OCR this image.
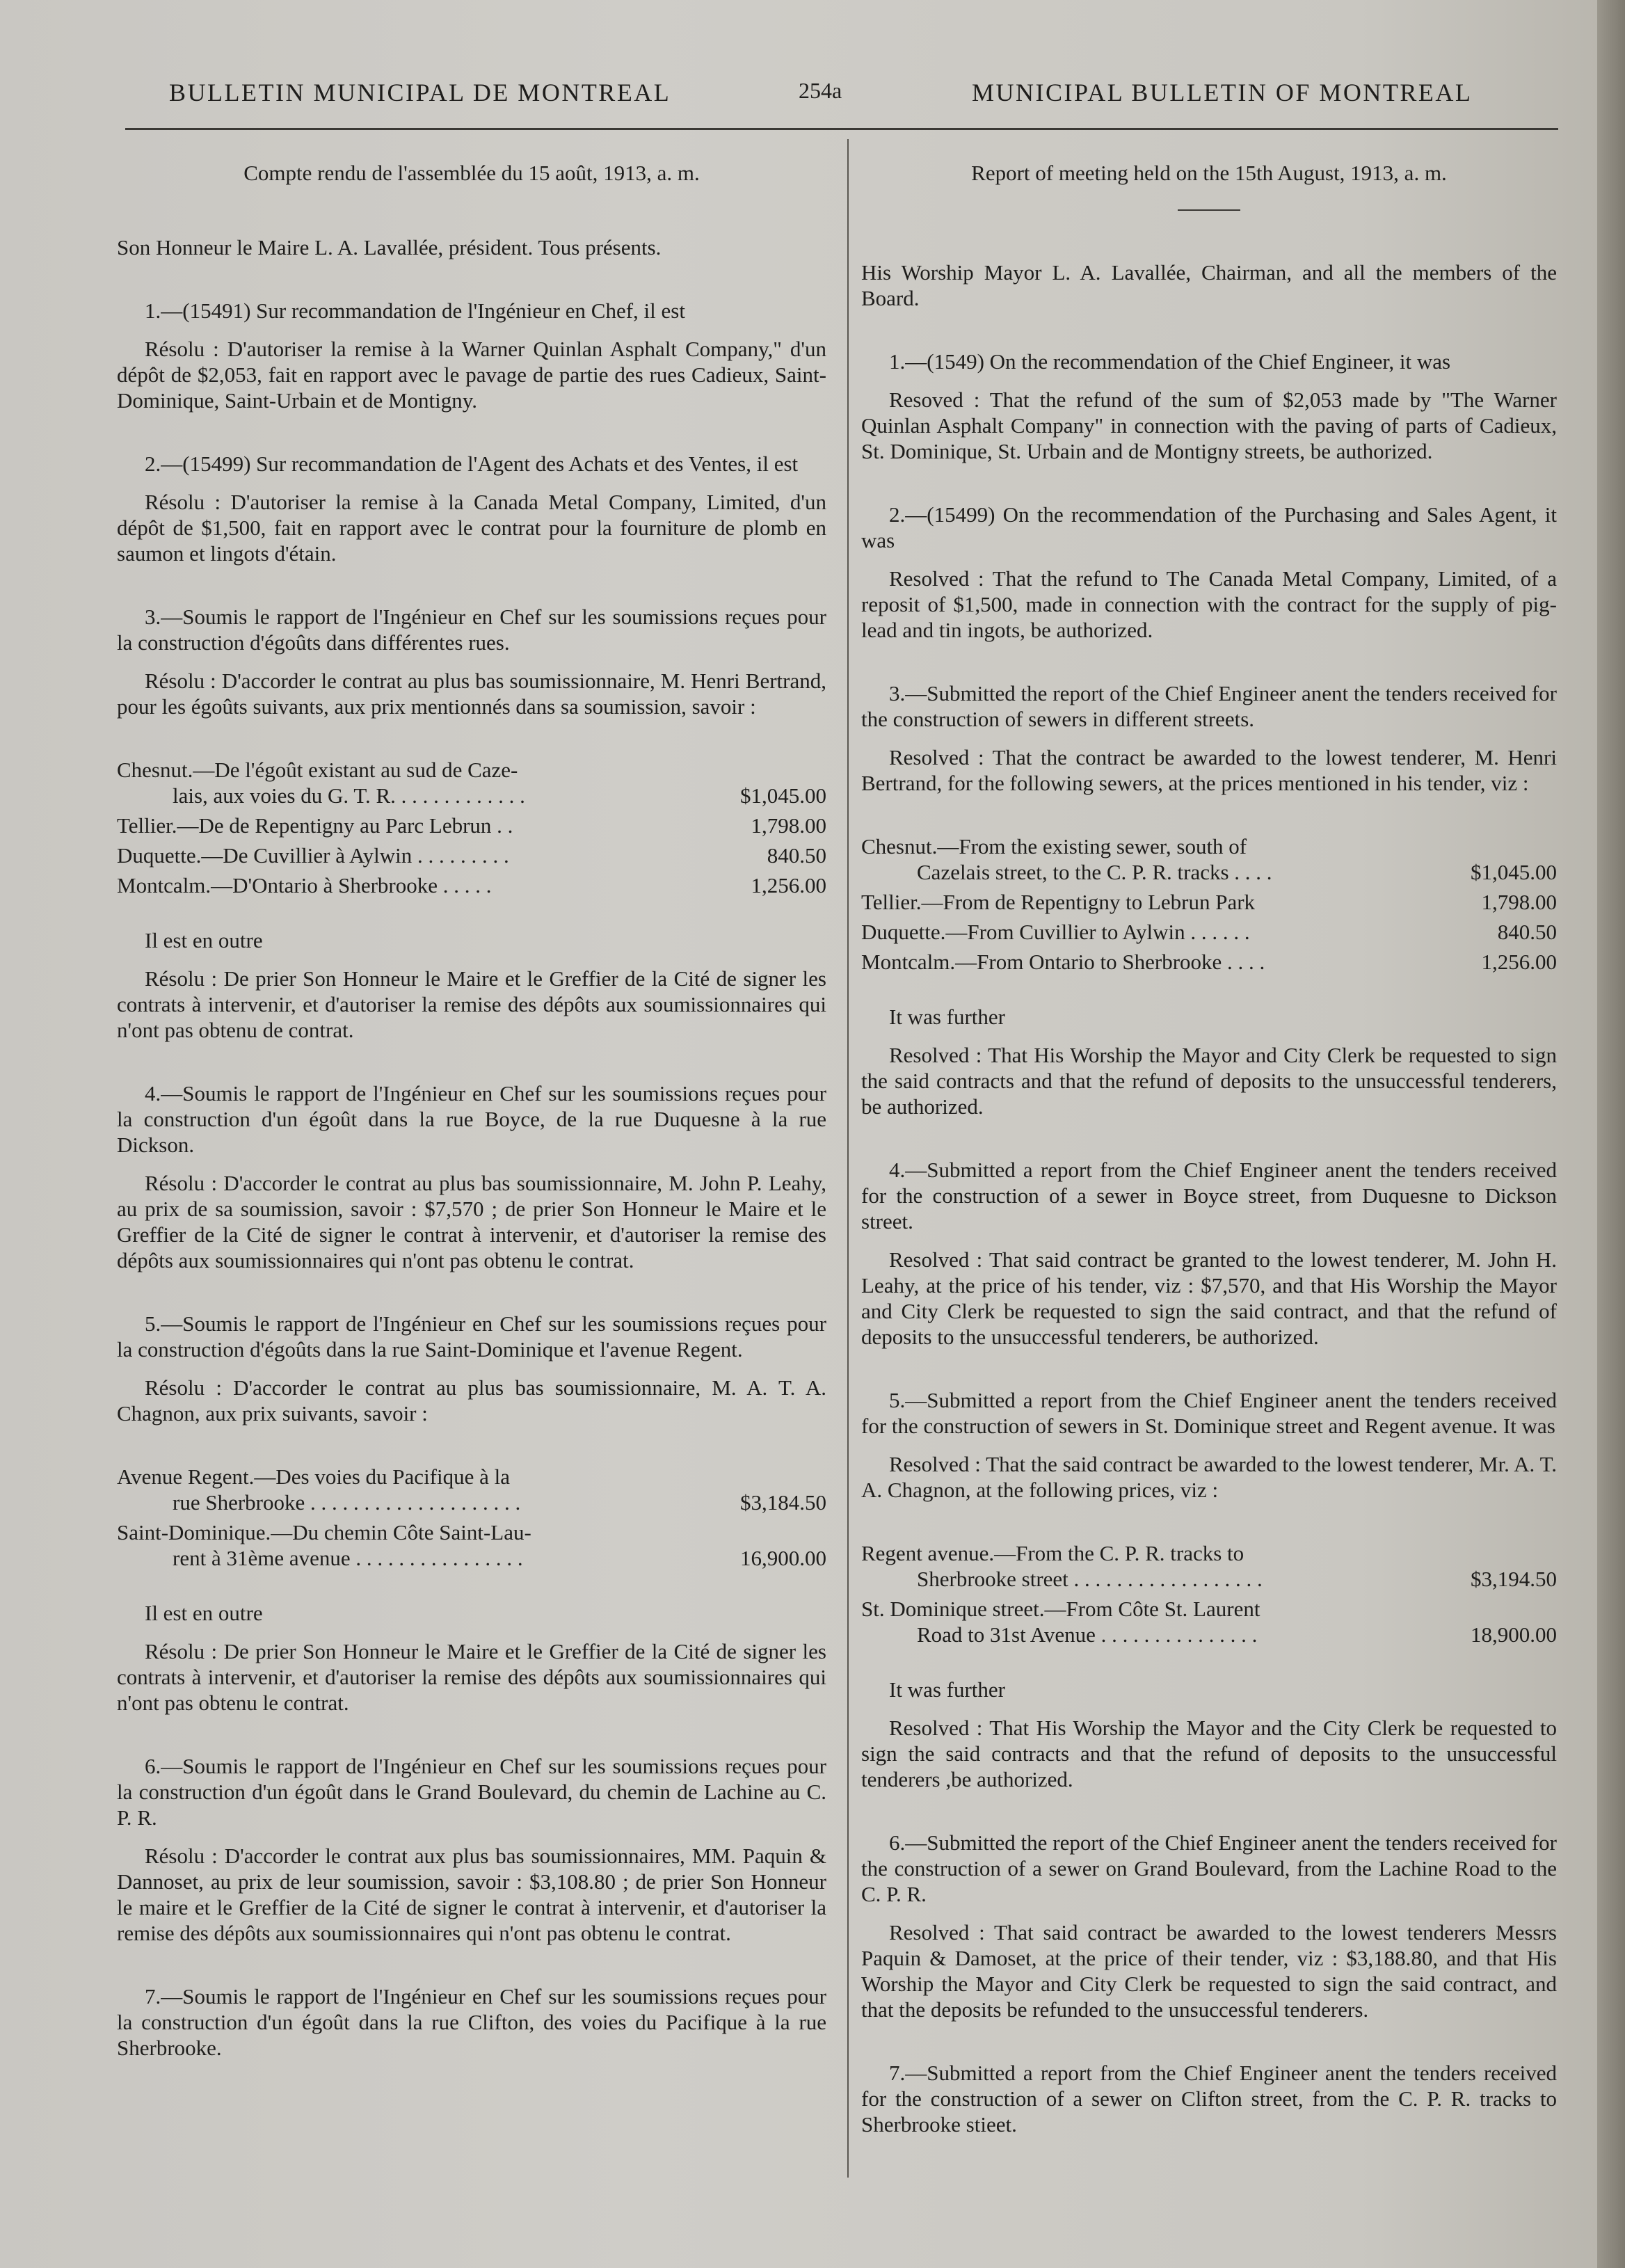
BULLETIN MUNICIPAL DE MONTREAL	254a	MUNICIPAL BULLETIN OF MONTREAL
Compte rendu de l'assemblée du 15 août, 1913, a. m.

Son Honneur le Maire L. A. Lavallée, président. Tous présents.

1.—(15491) Sur recommandation de l'Ingénieur en Chef, il est

Résolu : D'autoriser la remise à la Warner Quinlan Asphalt Company," d'un dépôt de $2,053, fait en rapport avec le pavage de partie des rues Cadieux, Saint-Dominique, Saint-Urbain et de Montigny.

2.—(15499) Sur recommandation de l'Agent des Achats et des Ventes, il est

Résolu : D'autoriser la remise à la Canada Metal Company, Limited, d'un dépôt de $1,500, fait en rapport avec le contrat pour la fourniture de plomb en saumon et lingots d'étain.

3.—Soumis le rapport de l'Ingénieur en Chef sur les soumissions reçues pour la construction d'égoûts dans différentes rues.

Résolu : D'accorder le contrat au plus bas soumissionnaire, M. Henri Bertrand, pour les égoûts suivants, aux prix mentionnés dans sa soumission, savoir :

Chesnut.—De l'égoût existant au sud de Caze-
lais, aux voies du G. T. R. . . . . . . . . . . . .	$1,045.00
Tellier.—De de Repentigny au Parc Lebrun . .	1,798.00
Duquette.—De Cuvillier à Aylwin . . . . . . . . .	840.50
Montcalm.—D'Ontario à Sherbrooke . . . . .	1,256.00

Il est en outre

Résolu : De prier Son Honneur le Maire et le Greffier de la Cité de signer les contrats à intervenir, et d'autoriser la remise des dépôts aux soumissionnaires qui n'ont pas obtenu de contrat.

4.—Soumis le rapport de l'Ingénieur en Chef sur les soumissions reçues pour la construction d'un égoût dans la rue Boyce, de la rue Duquesne à la rue Dickson.

Résolu : D'accorder le contrat au plus bas soumissionnaire, M. John P. Leahy, au prix de sa soumission, savoir : $7,570 ; de prier Son Honneur le Maire et le Greffier de la Cité de signer le contrat à intervenir, et d'autoriser la remise des dépôts aux soumissionnaires qui n'ont pas obtenu le contrat.

5.—Soumis le rapport de l'Ingénieur en Chef sur les soumissions reçues pour la construction d'égoûts dans la rue Saint-Dominique et l'avenue Regent.

Résolu : D'accorder le contrat au plus bas soumissionnaire, M. A. T. A. Chagnon, aux prix suivants, savoir :

Avenue Regent.—Des voies du Pacifique à la
rue Sherbrooke . . . . . . . . . . . . . . . . . . . .	$3,184.50
Saint-Dominique.—Du chemin Côte Saint-Lau-
rent à 31ème avenue . . . . . . . . . . . . . . . .	16,900.00

Il est en outre

Résolu : De prier Son Honneur le Maire et le Greffier de la Cité de signer les contrats à intervenir, et d'autoriser la remise des dépôts aux soumissionnaires qui n'ont pas obtenu le contrat.

6.—Soumis le rapport de l'Ingénieur en Chef sur les soumissions reçues pour la construction d'un égoût dans le Grand Boulevard, du chemin de Lachine au C. P. R.

Résolu : D'accorder le contrat aux plus bas soumissionnaires, MM. Paquin & Dannoset, au prix de leur soumission, savoir : $3,108.80 ; de prier Son Honneur le maire et le Greffier de la Cité de signer le contrat à intervenir, et d'autoriser la remise des dépôts aux soumissionnaires qui n'ont pas obtenu le contrat.

7.—Soumis le rapport de l'Ingénieur en Chef sur les soumissions reçues pour la construction d'un égoût dans la rue Clifton, des voies du Pacifique à la rue Sherbrooke.

Report of meeting held on the 15th August, 1913, a. m.

His Worship Mayor L. A. Lavallée, Chairman, and all the members of the Board.

1.—(1549) On the recommendation of the Chief Engineer, it was

Resoved : That the refund of the sum of $2,053 made by "The Warner Quinlan Asphalt Company" in connection with the paving of parts of Cadieux, St. Dominique, St. Urbain and de Montigny streets, be authorized.

2.—(15499) On the recommendation of the Purchasing and Sales Agent, it was

Resolved : That the refund to The Canada Metal Company, Limited, of a reposit of $1,500, made in connection with the contract for the supply of pig-lead and tin ingots, be authorized.

3.—Submitted the report of the Chief Engineer anent the tenders received for the construction of sewers in different streets.

Resolved : That the contract be awarded to the lowest tenderer, M. Henri Bertrand, for the following sewers, at the prices mentioned in his tender, viz :

Chesnut.—From the existing sewer, south of
Cazelais street, to the C. P. R. tracks . . . .	$1,045.00
Tellier.—From de Repentigny to Lebrun Park	1,798.00
Duquette.—From Cuvillier to Aylwin . . . . . .	840.50
Montcalm.—From Ontario to Sherbrooke . . . .	1,256.00

It was further

Resolved : That His Worship the Mayor and City Clerk be requested to sign the said contracts and that the refund of deposits to the unsuccessful tenderers, be authorized.

4.—Submitted a report from the Chief Engineer anent the tenders received for the construction of a sewer in Boyce street, from Duquesne to Dickson street.

Resolved : That said contract be granted to the lowest tenderer, M. John H. Leahy, at the price of his tender, viz : $7,570, and that His Worship the Mayor and City Clerk be requested to sign the said contract, and that the refund of deposits to the unsuccessful tenderers, be authorized.

5.—Submitted a report from the Chief Engineer anent the tenders received for the construction of sewers in St. Dominique street and Regent avenue. It was

Resolved : That the said contract be awarded to the lowest tenderer, Mr. A. T. A. Chagnon, at the following prices, viz :

Regent avenue.—From the C. P. R. tracks to
Sherbrooke street . . . . . . . . . . . . . . . . . .	$3,194.50
St. Dominique street.—From Côte St. Laurent
Road to 31st Avenue . . . . . . . . . . . . . . .	18,900.00

It was further

Resolved : That His Worship the Mayor and the City Clerk be requested to sign the said contracts and that the refund of deposits to the unsuccessful tenderers ,be authorized.

6.—Submitted the report of the Chief Engineer anent the tenders received for the construction of a sewer on Grand Boulevard, from the Lachine Road to the C. P. R.

Resolved : That said contract be awarded to the lowest tenderers Messrs Paquin & Damoset, at the price of their tender, viz : $3,188.80, and that His Worship the Mayor and City Clerk be requested to sign the said contract, and that the deposits be refunded to the unsuccessful tenderers.

7.—Submitted a report from the Chief Engineer anent the tenders received for the construction of a sewer on Clifton street, from the C. P. R. tracks to Sherbrooke stieet.
